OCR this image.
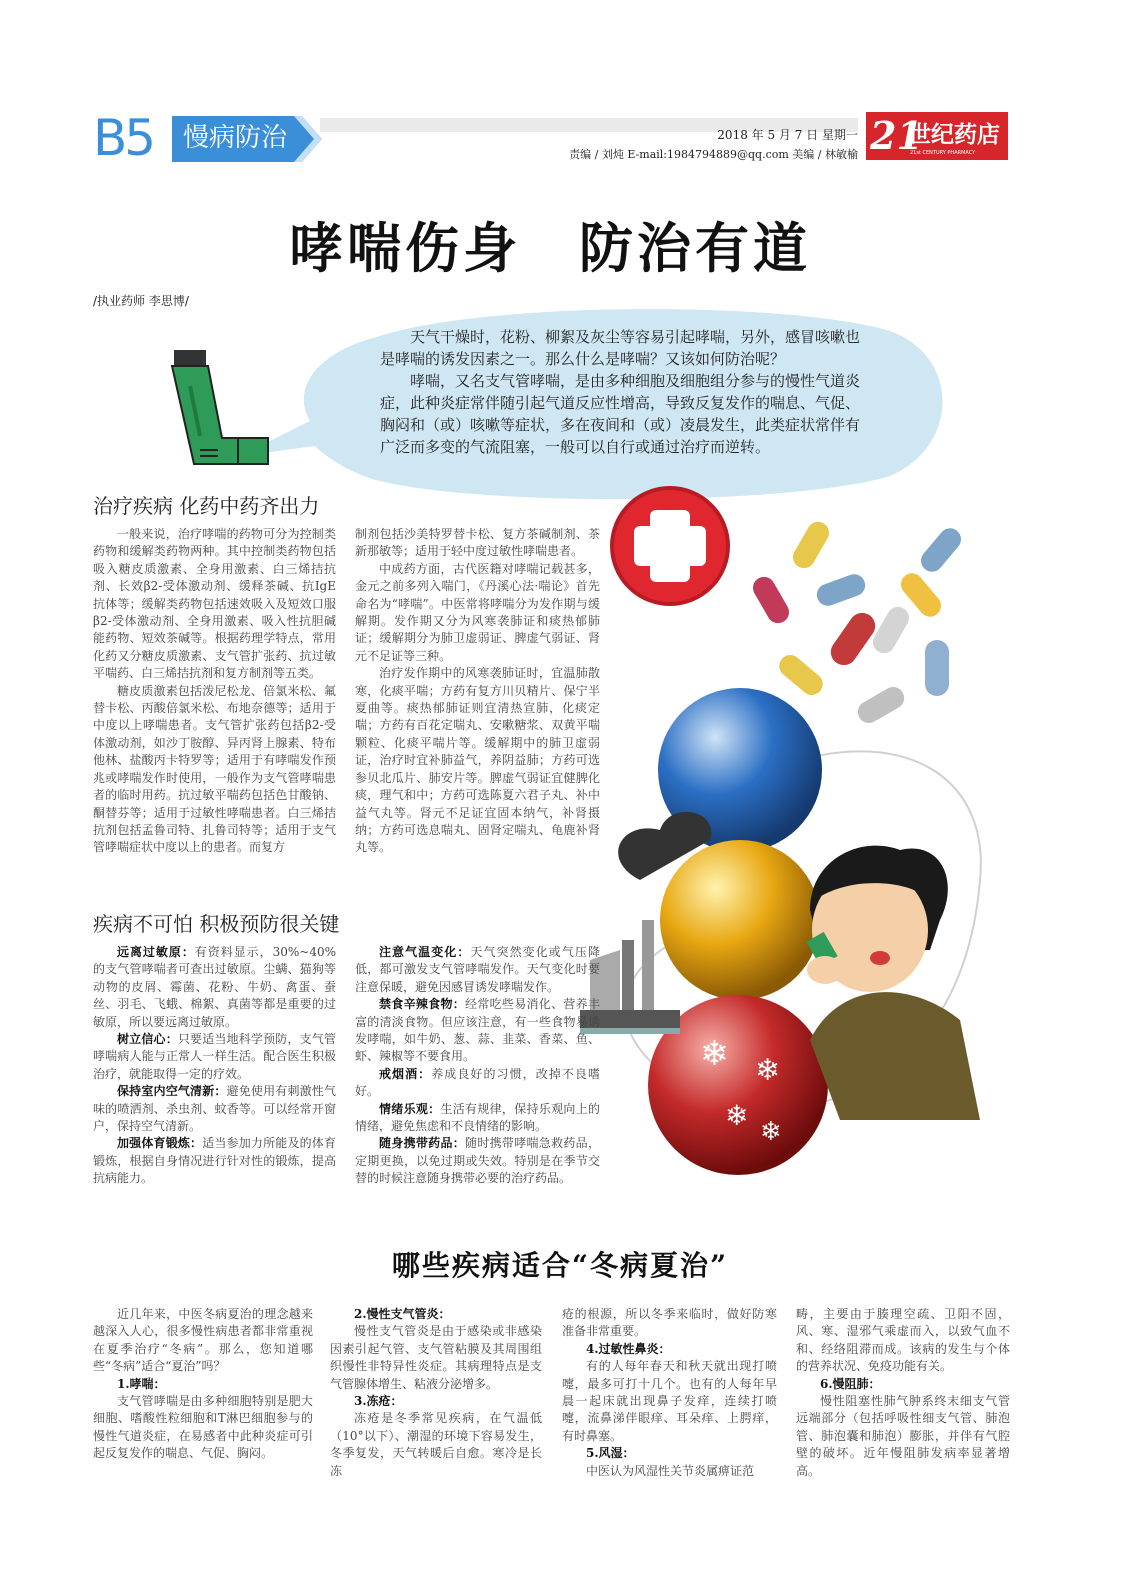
B5 慢病防治	2018 年 5 月 7 日 星期一
责编 / 刘炖 E-mail:1984794889@qq.com 美编 / 林敏榆 21
世纪药店
21st CENTURY PHARMACY
哮喘伤身　防治有道
/执业药师 李思博/

天气干燥时，花粉、柳絮及灰尘等容易引起哮喘，另外，感冒咳嗽也是哮喘的诱发因素之一。那么什么是哮喘？又该如何防治呢？

哮喘，又名支气管哮喘，是由多种细胞及细胞组分参与的慢性气道炎症，此种炎症常伴随引起气道反应性增高，导致反复发作的喘息、气促、胸闷和（或）咳嗽等症状，多在夜间和（或）凌晨发生，此类症状常伴有广泛而多变的气流阻塞，一般可以自行或通过治疗而逆转。

❄ ❄
❄ ❄
治疗疾病 化药中药齐出力

一般来说，治疗哮喘的药物可分为控制类药物和缓解类药物两种。其中控制类药物包括吸入糖皮质激素、全身用激素、白三烯拮抗剂、长效β2-受体激动剂、缓释茶碱、抗IgE抗体等；缓解类药物包括速效吸入及短效口服β2-受体激动剂、全身用激素、吸入性抗胆碱能药物、短效茶碱等。根据药理学特点，常用化药又分糖皮质激素、支气管扩张药、抗过敏平喘药、白三烯拮抗剂和复方制剂等五类。

糖皮质激素包括泼尼松龙、倍氯米松、氟替卡松、丙酸倍氯米松、布地奈德等；适用于中度以上哮喘患者。支气管扩张药包括β2-受体激动剂，如沙丁胺醇、异丙肾上腺素、特布他林、盐酸丙卡特罗等；适用于有哮喘发作预兆或哮喘发作时使用，一般作为支气管哮喘患者的临时用药。抗过敏平喘药包括色甘酸钠、酮替芬等；适用于过敏性哮喘患者。白三烯拮抗剂包括孟鲁司特、扎鲁司特等；适用于支气管哮喘症状中度以上的患者。而复方

制剂包括沙美特罗替卡松、复方茶碱制剂、茶新那敏等；适用于轻中度过敏性哮喘患者。

中成药方面，古代医籍对哮喘记载甚多，金元之前多列入喘门，《丹溪心法·喘论》首先命名为“哮喘”。中医常将哮喘分为发作期与缓解期。发作期又分为风寒袭肺证和痰热郁肺证；缓解期分为肺卫虚弱证、脾虚气弱证、肾元不足证等三种。

治疗发作期中的风寒袭肺证时，宜温肺散寒，化痰平喘；方药有复方川贝精片、保宁半夏曲等。痰热郁肺证则宜清热宣肺，化痰定喘；方药有百花定喘丸、安嗽糖浆、双黄平喘颗粒、化痰平喘片等。缓解期中的肺卫虚弱证，治疗时宜补肺益气，养阴益肺；方药可选参贝北瓜片、肺安片等。脾虚气弱证宜健脾化痰，理气和中；方药可选陈夏六君子丸、补中益气丸等。肾元不足证宜固本纳气，补肾摄纳；方药可选息喘丸、固肾定喘丸、龟鹿补肾丸等。

疾病不可怕 积极预防很关键

远离过敏原：有资料显示，30%~40%的支气管哮喘者可查出过敏原。尘螨、猫狗等动物的皮屑、霉菌、花粉、牛奶、禽蛋、蚕丝、羽毛、飞蛾、棉絮、真菌等都是重要的过敏原，所以要远离过敏原。

树立信心：只要适当地科学预防，支气管哮喘病人能与正常人一样生活。配合医生积极治疗，就能取得一定的疗效。

保持室内空气清新：避免使用有刺激性气味的喷洒剂、杀虫剂、蚊香等。可以经常开窗户，保持空气清新。

加强体育锻炼：适当参加力所能及的体育锻炼，根据自身情况进行针对性的锻炼，提高抗病能力。

注意气温变化：天气突然变化或气压降低，都可激发支气管哮喘发作。天气变化时要注意保暖，避免因感冒诱发哮喘发作。

禁食辛辣食物：经常吃些易消化、营养丰富的清淡食物。但应该注意，有一些食物易诱发哮喘，如牛奶、葱、蒜、韭菜、香菜、鱼、虾、辣椒等不要食用。

戒烟酒：养成良好的习惯，改掉不良嗜好。

情绪乐观：生活有规律，保持乐观向上的情绪，避免焦虑和不良情绪的影响。

随身携带药品：随时携带哮喘急救药品，定期更换，以免过期或失效。特别是在季节交替的时候注意随身携带必要的治疗药品。

哪些疾病适合“冬病夏治”

近几年来，中医冬病夏治的理念越来越深入人心，很多慢性病患者都非常重视在夏季治疗“冬病”。那么，您知道哪些“冬病”适合“夏治”吗？

1.哮喘：

支气管哮喘是由多种细胞特别是肥大细胞、嗜酸性粒细胞和T淋巴细胞参与的慢性气道炎症，在易感者中此种炎症可引起反复发作的喘息、气促、胸闷。

2.慢性支气管炎：

慢性支气管炎是由于感染或非感染因素引起气管、支气管粘膜及其周围组织慢性非特异性炎症。其病理特点是支气管腺体增生、粘液分泌增多。

3.冻疮：

冻疮是冬季常见疾病，在气温低（10°以下）、潮湿的环境下容易发生，冬季复发，天气转暖后自愈。寒冷是长冻

疮的根源，所以冬季来临时，做好防寒准备非常重要。

4.过敏性鼻炎：

有的人每年春天和秋天就出现打喷嚏，最多可打十几个。也有的人每年早晨一起床就出现鼻子发痒，连续打喷嚏，流鼻涕伴眼痒、耳朵痒、上腭痒，有时鼻塞。

5.风湿：

中医认为风湿性关节炎属痹证范

畴，主要由于腠理空疏、卫阳不固，风、寒、湿邪气乘虚而入，以致气血不和、经络阻滞而成。该病的发生与个体的营养状况、免疫功能有关。

6.慢阻肺：

慢性阻塞性肺气肿系终末细支气管远端部分（包括呼吸性细支气管、肺泡管、肺泡囊和肺泡）膨胀，并伴有气腔壁的破坏。近年慢阻肺发病率显著增高。
